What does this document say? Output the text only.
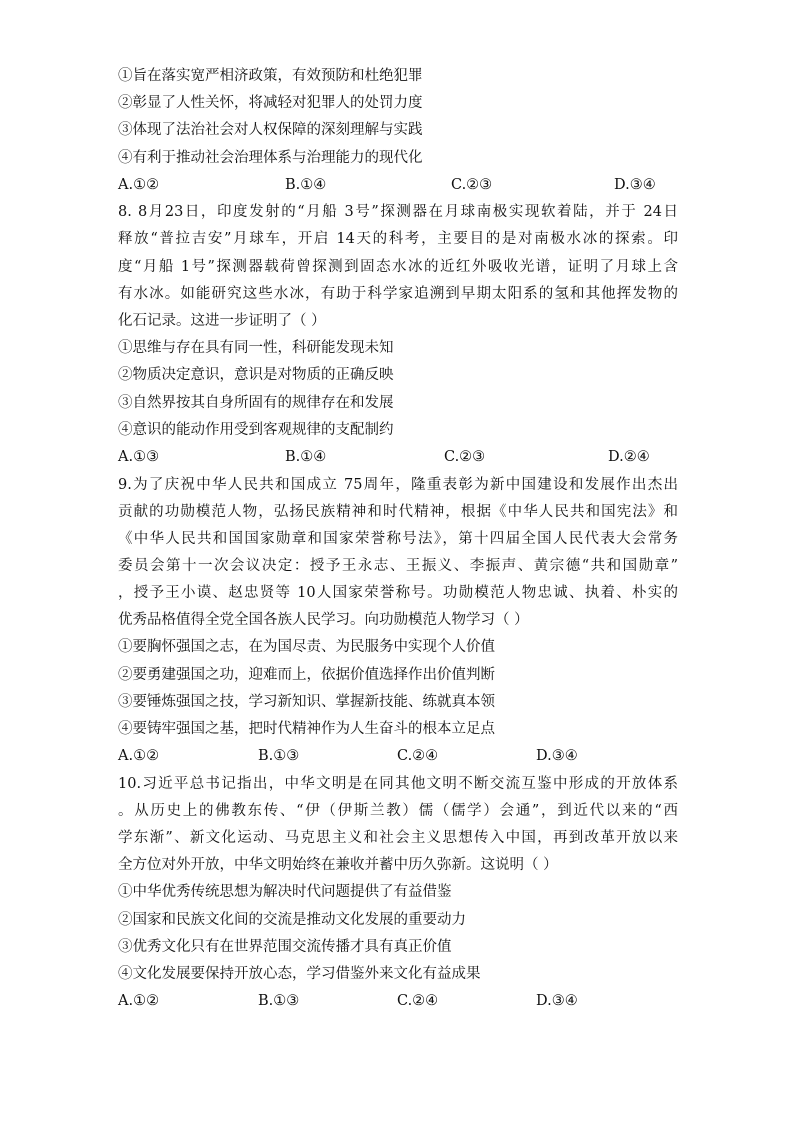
①旨在落实宽严相济政策，有效预防和杜绝犯罪
②彰显了人性关怀，将减轻对犯罪人的处罚力度
③体现了法治社会对人权保障的深刻理解与实践
④有利于推动社会治理体系与治理能力的现代化
A.①②	B.①④	C.②③	D.③④
8. 8月23日，印度发射的“月船 3号”探测器在月球南极实现软着陆，并于 24日
释放“普拉吉安”月球车，开启 14天的科考，主要目的是对南极水冰的探索。印
度“月船 1号”探测器载荷曾探测到固态水冰的近红外吸收光谱，证明了月球上含
有水冰。如能研究这些水冰，有助于科学家追溯到早期太阳系的氢和其他挥发物的
化石记录。这进一步证明了（ ）
①思维与存在具有同一性，科研能发现未知
②物质决定意识，意识是对物质的正确反映
③自然界按其自身所固有的规律存在和发展
④意识的能动作用受到客观规律的支配制约
A.①③	B.①④	C.②③	D.②④
9.为了庆祝中华人民共和国成立 75周年，隆重表彰为新中国建设和发展作出杰出
贡献的功勋模范人物，弘扬民族精神和时代精神，根据《中华人民共和国宪法》和
《中华人民共和国国家勋章和国家荣誉称号法》，第十四届全国人民代表大会常务
委员会第十一次会议决定：授予王永志、王振义、李振声、黄宗德“共和国勋章”
，授予王小谟、赵忠贤等 10人国家荣誉称号。功勋模范人物忠诚、执着、朴实的
优秀品格值得全党全国各族人民学习。向功勋模范人物学习（ ）
①要胸怀强国之志，在为国尽责、为民服务中实现个人价值
②要勇建强国之功，迎难而上，依据价值选择作出价值判断
③要锤炼强国之技，学习新知识、掌握新技能、练就真本领
④要铸牢强国之基，把时代精神作为人生奋斗的根本立足点
A.①②	B.①③	C.②④	D.③④
10.习近平总书记指出，中华文明是在同其他文明不断交流互鉴中形成的开放体系
。从历史上的佛教东传、“伊（伊斯兰教）儒（儒学）会通”，到近代以来的“西
学东渐”、新文化运动、马克思主义和社会主义思想传入中国，再到改革开放以来
全方位对外开放，中华文明始终在兼收并蓄中历久弥新。这说明（ ）
①中华优秀传统思想为解决时代问题提供了有益借鉴
②国家和民族文化间的交流是推动文化发展的重要动力
③优秀文化只有在世界范围交流传播才具有真正价值
④文化发展要保持开放心态，学习借鉴外来文化有益成果
A.①②	B.①③	C.②④	D.③④
